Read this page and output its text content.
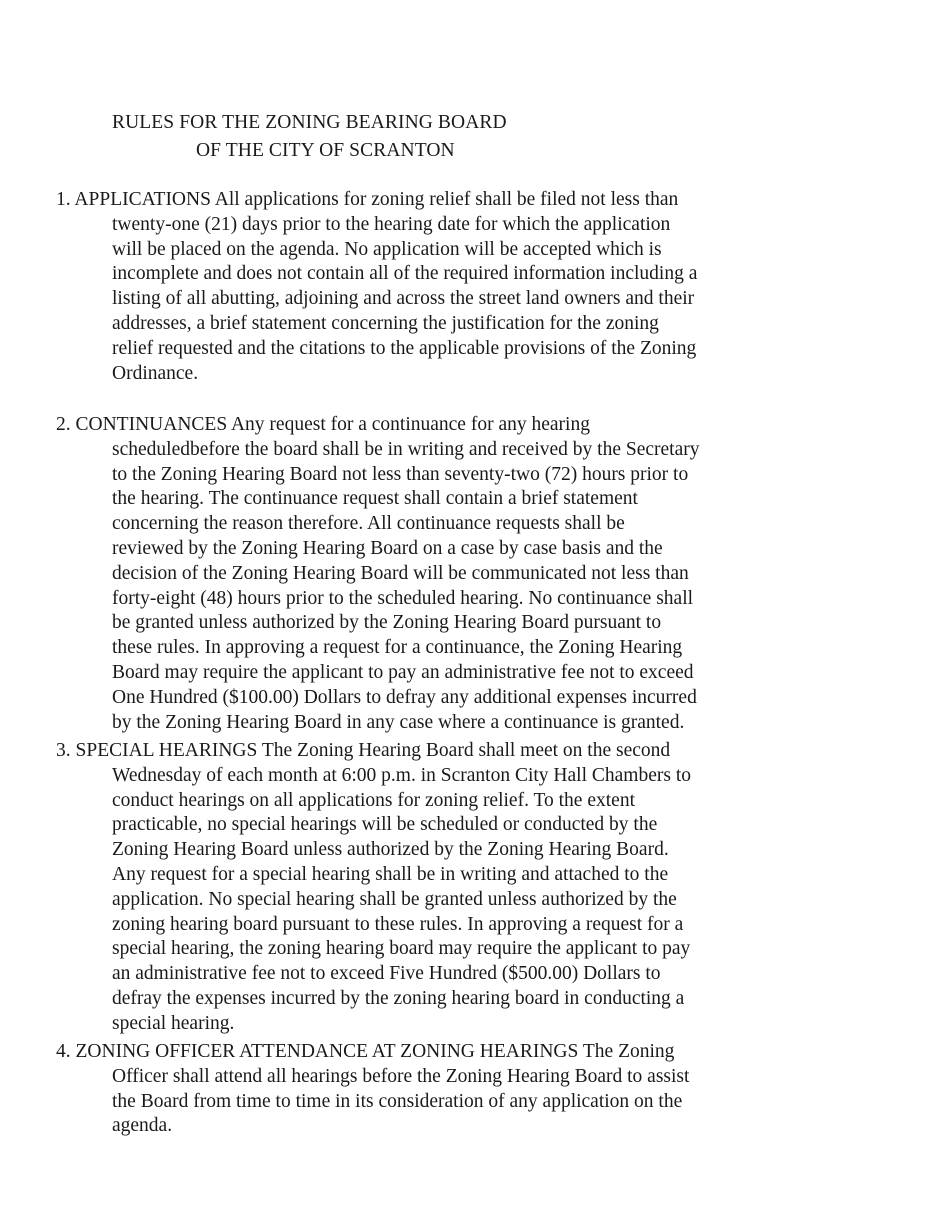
RULES FOR THE ZONING BEARING BOARD
OF THE CITY OF SCRANTON
1. APPLICATIONS All applications for zoning relief shall be filed not less than
twenty-one (21) days prior to the hearing date for which the application
will be placed on the agenda. No application will be accepted which is
incomplete and does not contain all of the required information including a
listing of all abutting, adjoining and across the street land owners and their
addresses, a brief statement concerning the justification for the zoning
relief requested and the citations to the applicable provisions of the Zoning
Ordinance.
2. CONTINUANCES Any request for a continuance for any hearing
scheduledbefore the board shall be in writing and received by the Secretary
to the Zoning Hearing Board not less than seventy-two (72) hours prior to
the hearing. The continuance request shall contain a brief statement
concerning the reason therefore. All continuance requests shall be
reviewed by the Zoning Hearing Board on a case by case basis and the
decision of the Zoning Hearing Board will be communicated not less than
forty-eight (48) hours prior to the scheduled hearing. No continuance shall
be granted unless authorized by the Zoning Hearing Board pursuant to
these rules. In approving a request for a continuance, the Zoning Hearing
Board may require the applicant to pay an administrative fee not to exceed
One Hundred ($100.00) Dollars to defray any additional expenses incurred
by the Zoning Hearing Board in any case where a continuance is granted.
3. SPECIAL HEARINGS The Zoning Hearing Board shall meet on the second
Wednesday of each month at 6:00 p.m. in Scranton City Hall Chambers to
conduct hearings on all applications for zoning relief. To the extent
practicable, no special hearings will be scheduled or conducted by the
Zoning Hearing Board unless authorized by the Zoning Hearing Board.
Any request for a special hearing shall be in writing and attached to the
application. No special hearing shall be granted unless authorized by the
zoning hearing board pursuant to these rules. In approving a request for a
special hearing, the zoning hearing board may require the applicant to pay
an administrative fee not to exceed Five Hundred ($500.00) Dollars to
defray the expenses incurred by the zoning hearing board in conducting a
special hearing.
4. ZONING OFFICER ATTENDANCE AT ZONING HEARINGS The Zoning
Officer shall attend all hearings before the Zoning Hearing Board to assist
the Board from time to time in its consideration of any application on the
agenda.
